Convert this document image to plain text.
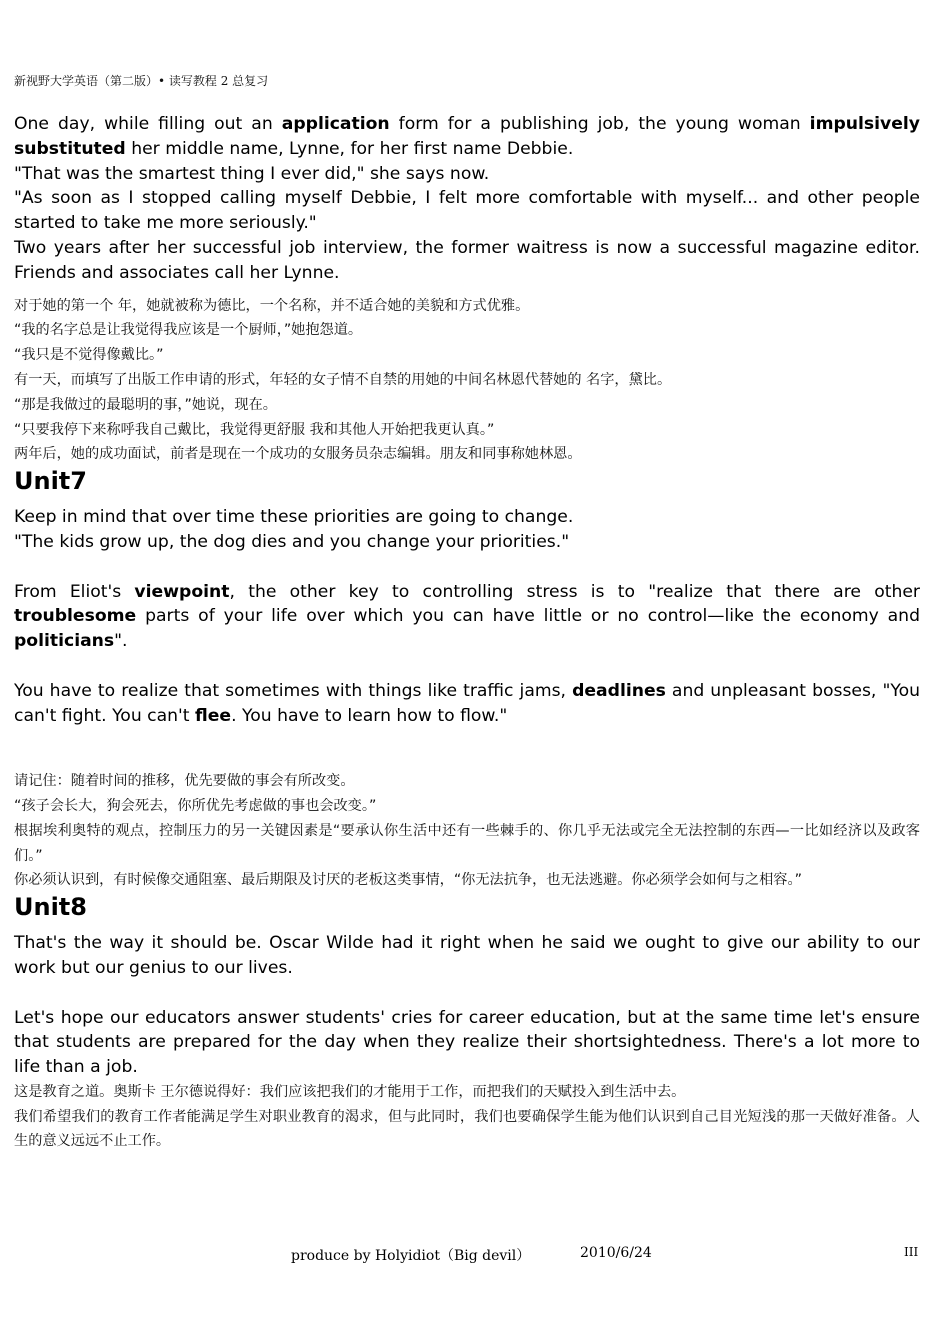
新视野大学英语（第二版）• 读写教程 2 总复习

One day, while filling out an application form for a publishing job, the young woman impulsively substituted her middle name, Lynne, for her first name Debbie.

"That was the smartest thing I ever did," she says now.

"As soon as I stopped calling myself Debbie, I felt more comfortable with myself... and other people started to take me more seriously."

Two years after her successful job interview, the former waitress is now a successful magazine editor. Friends and associates call her Lynne.

对于她的第一个 年，她就被称为德比，一个名称，并不适合她的美貌和方式优雅。

“我的名字总是让我觉得我应该是一个厨师，”她抱怨道。

“我只是不觉得像戴比。”

有一天，而填写了出版工作申请的形式，年轻的女子情不自禁的用她的中间名林恩代替她的 名字，黛比。

“那是我做过的最聪明的事，”她说，现在。

“只要我停下来称呼我自己戴比，我觉得更舒服 我和其他人开始把我更认真。”

两年后，她的成功面试，前者是现在一个成功的女服务员杂志编辑。朋友和同事称她林恩。

Unit7

Keep in mind that over time these priorities are going to change.

"The kids grow up, the dog dies and you change your priorities."

From Eliot's viewpoint, the other key to controlling stress is to "realize that there are other troublesome parts of your life over which you can have little or no control—like the economy and politicians".

You have to realize that sometimes with things like traffic jams, deadlines and unpleasant bosses, "You can't fight. You can't flee. You have to learn how to flow."

请记住：随着时间的推移，优先要做的事会有所改变。

“孩子会长大，狗会死去，你所优先考虑做的事也会改变。”

根据埃利奥特的观点，控制压力的另一关键因素是“要承认你生活中还有一些棘手的、你几乎无法或完全无法控制的东西—一比如经济以及政客们。”

你必须认识到，有时候像交通阻塞、最后期限及讨厌的老板这类事情，“你无法抗争，也无法逃避。你必须学会如何与之相容。”

Unit8

That's the way it should be. Oscar Wilde had it right when he said we ought to give our ability to our work but our genius to our lives.

Let's hope our educators answer students' cries for career education, but at the same time let's ensure that students are prepared for the day when they realize their shortsightedness. There's a lot more to life than a job.

这是教育之道。奥斯卡 王尔德说得好：我们应该把我们的才能用于工作，而把我们的天赋投入到生活中去。

我们希望我们的教育工作者能满足学生对职业教育的渴求，但与此同时，我们也要确保学生能为他们认识到自己目光短浅的那一天做好准备。人生的意义远远不止工作。

produce by Holyidiot（Big devil）	2010/6/24	III
